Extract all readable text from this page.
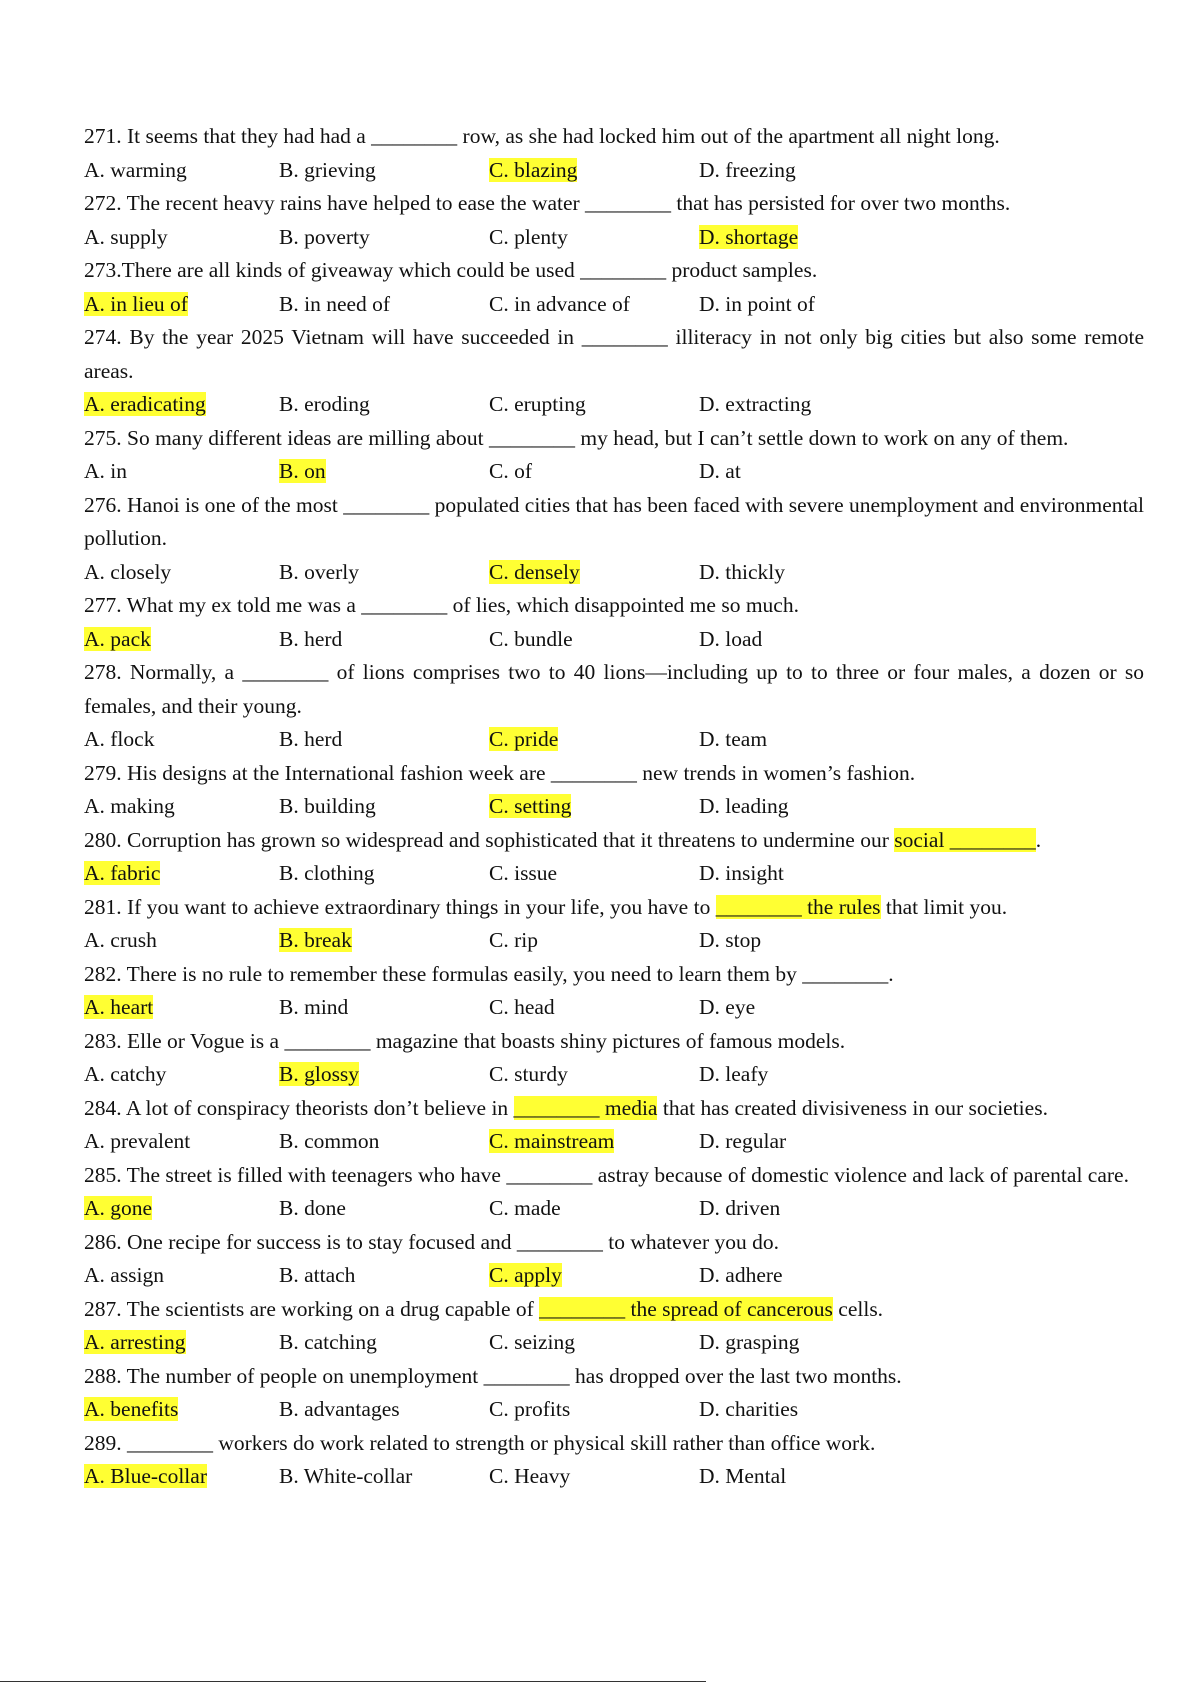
271. It seems that they had had a ________ row, as she had locked him out of the apartment all night long.
A. warming	B. grieving	C. blazing	D. freezing
272. The recent heavy rains have helped to ease the water ________ that has persisted for over two months.
A. supply	B. poverty	C. plenty	D. shortage
273.There are all kinds of giveaway which could be used ________ product samples.
A. in lieu of	B. in need of	C. in advance of	D. in point of
274. By the year 2025 Vietnam will have succeeded in ________ illiteracy in not only big cities but also some remote areas.
A. eradicating	B. eroding	C. erupting	D. extracting
275. So many different ideas are milling about ________ my head, but I can’t settle down to work on any of them.
A. in	B. on	C. of	D. at
276. Hanoi is one of the most ________ populated cities that has been faced with severe unemployment and environmental pollution.
A. closely	B. overly	C. densely	D. thickly
277. What my ex told me was a ________ of lies, which disappointed me so much.
A. pack	B. herd	C. bundle	D. load
278. Normally, a ________ of lions comprises two to 40 lions—including up to to three or four males, a dozen or so females, and their young.
A. flock	B. herd	C. pride	D. team
279. His designs at the International fashion week are ________ new trends in women’s fashion.
A. making	B. building	C. setting	D. leading
280. Corruption has grown so widespread and sophisticated that it threatens to undermine our social ________.
A. fabric	B. clothing	C. issue	D. insight
281. If you want to achieve extraordinary things in your life, you have to ________ the rules that limit you.
A. crush	B. break	C. rip	D. stop
282. There is no rule to remember these formulas easily, you need to learn them by ________.
A. heart	B. mind	C. head	D. eye
283. Elle or Vogue is a ________ magazine that boasts shiny pictures of famous models.
A. catchy	B. glossy	C. sturdy	D. leafy
284. A lot of conspiracy theorists don’t believe in ________ media that has created divisiveness in our societies.
A. prevalent	B. common	C. mainstream	D. regular
285. The street is filled with teenagers who have ________ astray because of domestic violence and lack of parental care.
A. gone	B. done	C. made	D. driven
286. One recipe for success is to stay focused and ________ to whatever you do.
A. assign	B. attach	C. apply	D. adhere
287. The scientists are working on a drug capable of ________ the spread of cancerous cells.
A. arresting	B. catching	C. seizing	D. grasping
288. The number of people on unemployment ________ has dropped over the last two months.
A. benefits	B. advantages	C. profits	D. charities
289. ________ workers do work related to strength or physical skill rather than office work.
A. Blue-collar	B. White-collar	C. Heavy	D. Mental
